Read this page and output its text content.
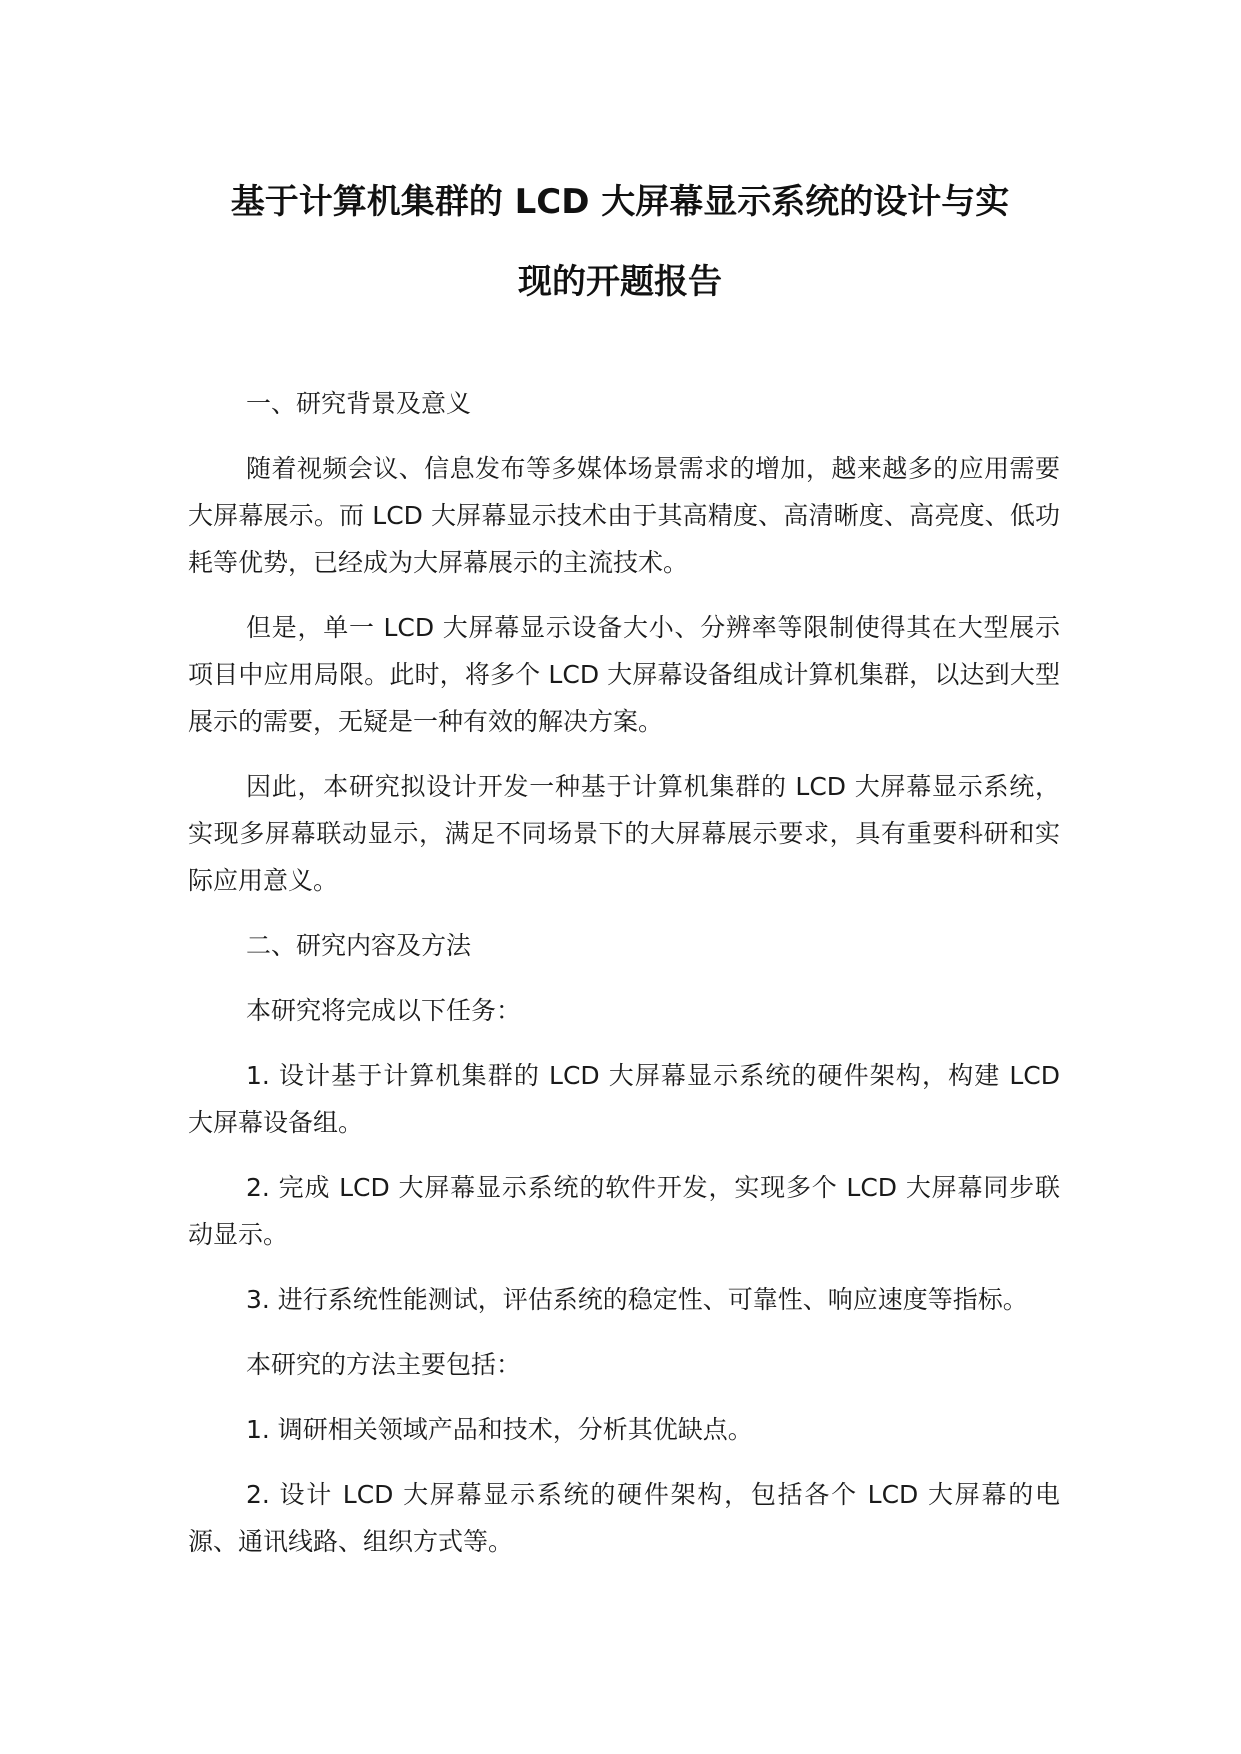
基于计算机集群的 LCD 大屏幕显示系统的设计与实
现的开题报告

一、研究背景及意义

随着视频会议、信息发布等多媒体场景需求的增加，越来越多的应用需要大屏幕展示。而 LCD 大屏幕显示技术由于其高精度、高清晰度、高亮度、低功耗等优势，已经成为大屏幕展示的主流技术。

但是，单一 LCD 大屏幕显示设备大小、分辨率等限制使得其在大型展示项目中应用局限。此时，将多个 LCD 大屏幕设备组成计算机集群，以达到大型展示的需要，无疑是一种有效的解决方案。

因此，本研究拟设计开发一种基于计算机集群的 LCD 大屏幕显示系统，实现多屏幕联动显示，满足不同场景下的大屏幕展示要求，具有重要科研和实际应用意义。

二、研究内容及方法

本研究将完成以下任务：

1. 设计基于计算机集群的 LCD 大屏幕显示系统的硬件架构，构建 LCD 大屏幕设备组。

2. 完成 LCD 大屏幕显示系统的软件开发，实现多个 LCD 大屏幕同步联动显示。

3. 进行系统性能测试，评估系统的稳定性、可靠性、响应速度等指标。

本研究的方法主要包括：

1. 调研相关领域产品和技术，分析其优缺点。

2. 设计 LCD 大屏幕显示系统的硬件架构，包括各个 LCD 大屏幕的电源、通讯线路、组织方式等。
